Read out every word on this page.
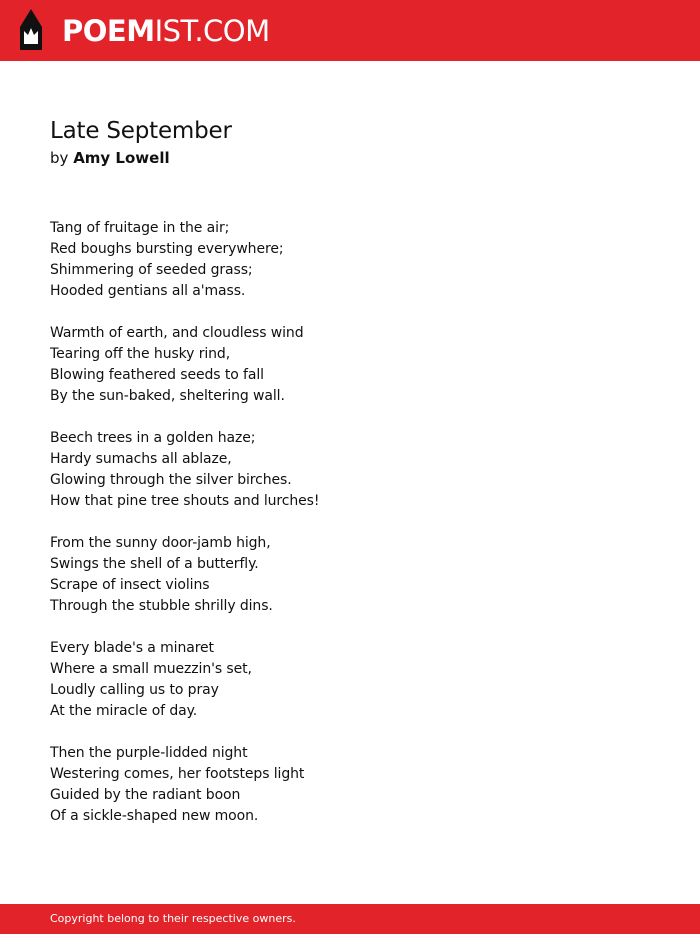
POEMIST.COM
Late September
by Amy Lowell
Tang of fruitage in the air;
Red boughs bursting everywhere;
Shimmering of seeded grass;
Hooded gentians all a'mass.
Warmth of earth, and cloudless wind
Tearing off the husky rind,
Blowing feathered seeds to fall
By the sun-baked, sheltering wall.
Beech trees in a golden haze;
Hardy sumachs all ablaze,
Glowing through the silver birches.
How that pine tree shouts and lurches!
From the sunny door-jamb high,
Swings the shell of a butterfly.
Scrape of insect violins
Through the stubble shrilly dins.
Every blade's a minaret
Where a small muezzin's set,
Loudly calling us to pray
At the miracle of day.
Then the purple-lidded night
Westering comes, her footsteps light
Guided by the radiant boon
Of a sickle-shaped new moon.
Copyright belong to their respective owners.
